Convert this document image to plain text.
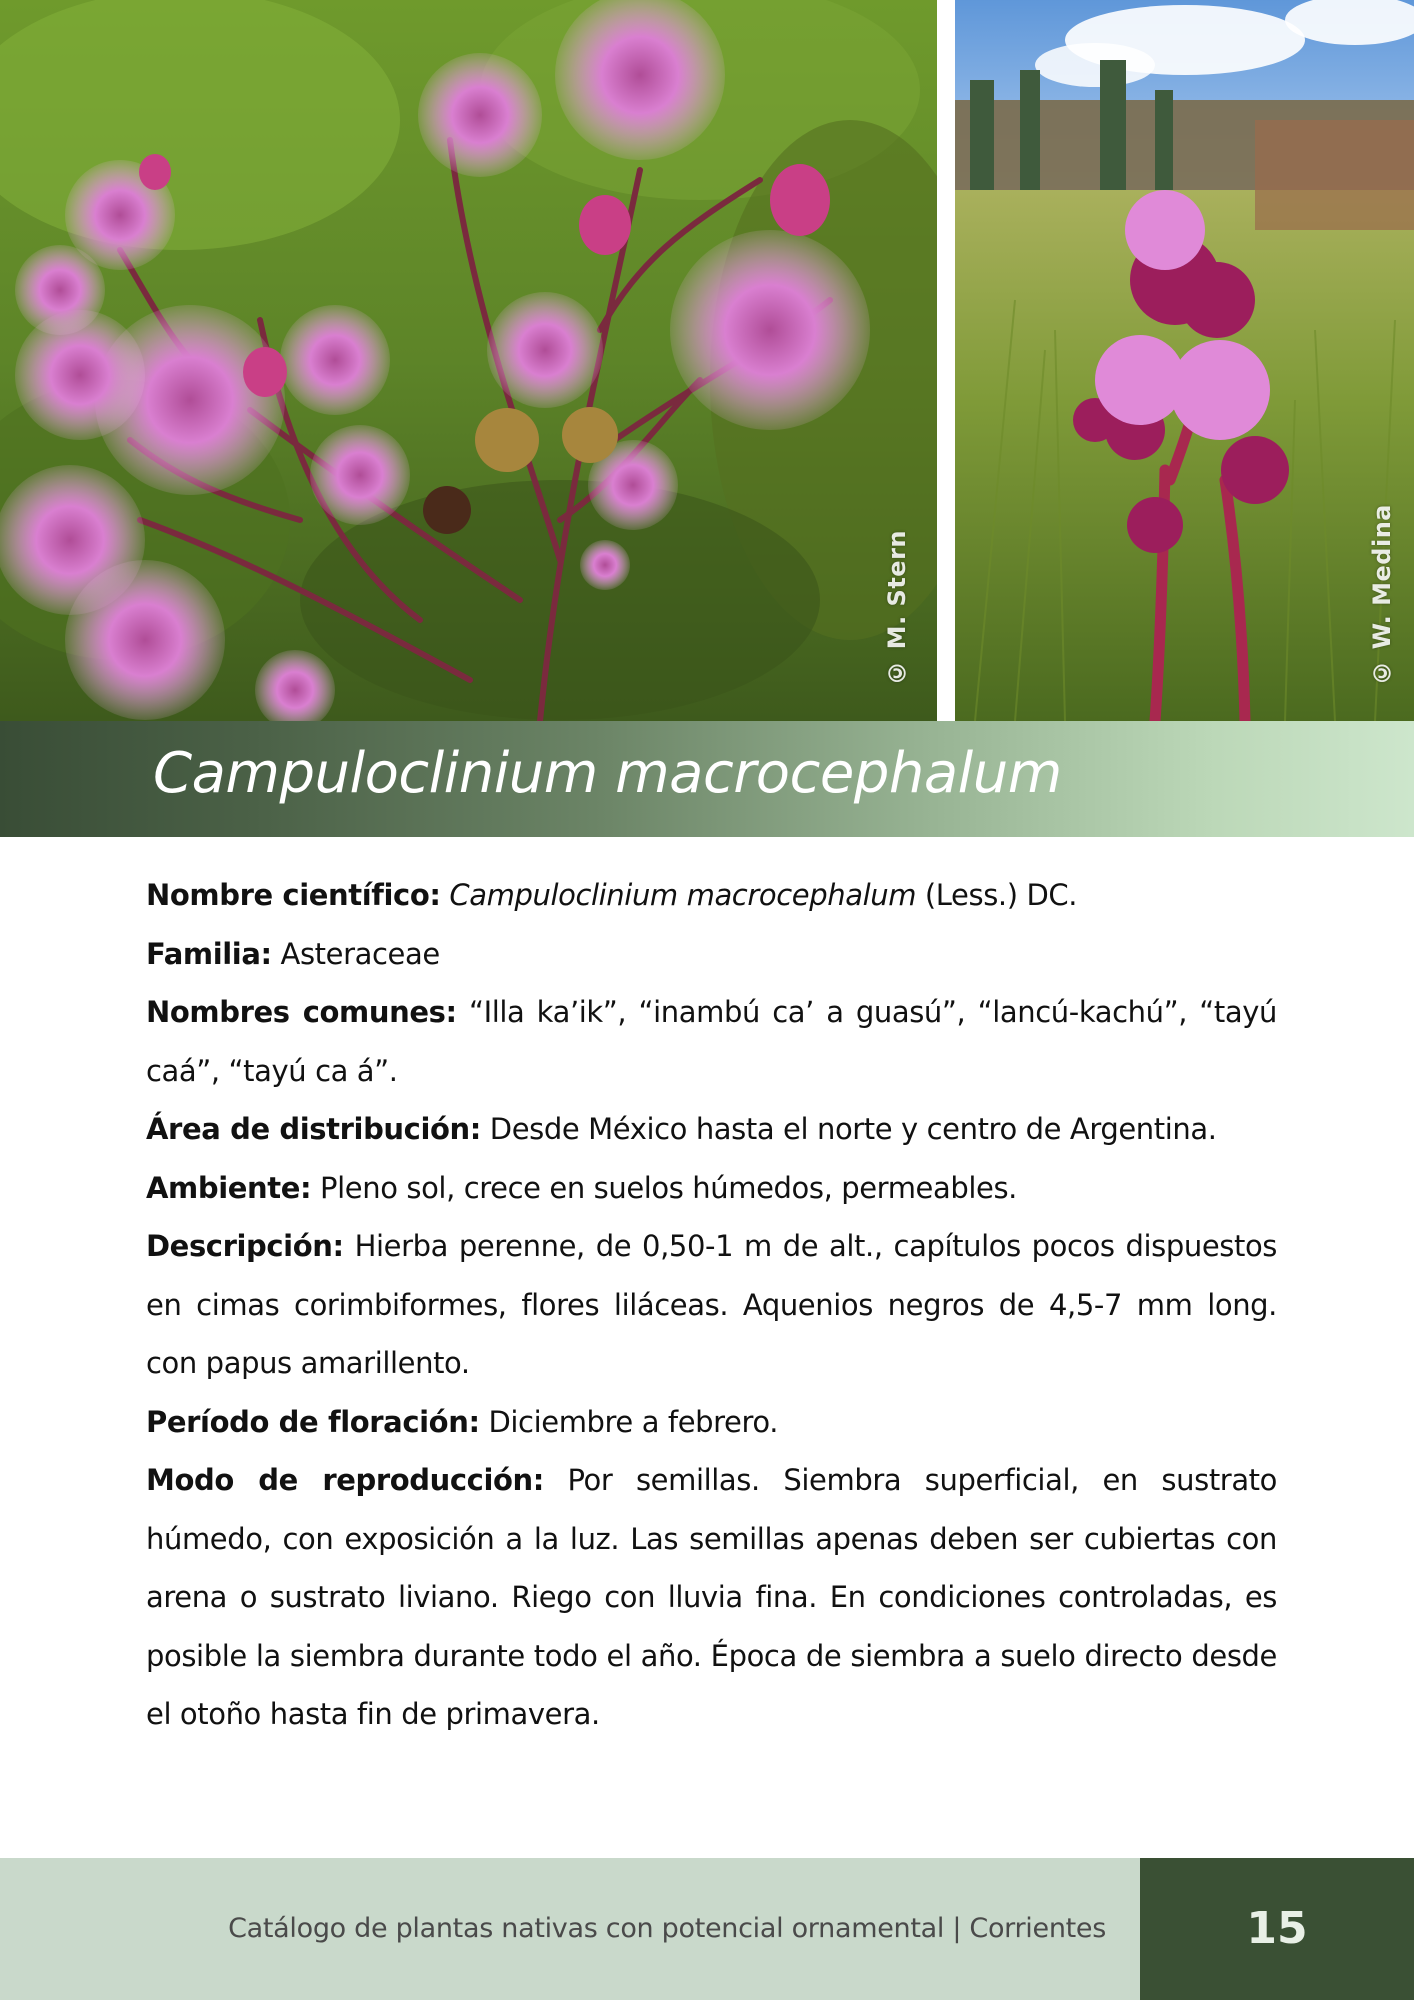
© M. Stern	© W. Medina
Campuloclinium macrocephalum

Nombre científico: Campuloclinium macrocephalum (Less.) DC.

Familia: Asteraceae

Nombres comunes: “Illa ka’ik”, “inambú ca’ a guasú”, “lancú-kachú”, “tayú caá”, “tayú ca á”.

Área de distribución: Desde México hasta el norte y centro de Argentina.

Ambiente: Pleno sol, crece en suelos húmedos, permeables.

Descripción: Hierba perenne, de 0,50-1 m de alt., capítulos pocos dispuestos en cimas corimbiformes, flores liláceas. Aquenios negros de 4,5-7 mm long. con papus amarillento.

Período de floración: Diciembre a febrero.

Modo de reproducción: Por semillas. Siembra superficial, en sustrato húmedo, con exposición a la luz. Las semillas apenas deben ser cubiertas con arena o sustrato liviano. Riego con lluvia fina. En condiciones controladas, es posible la siembra durante todo el año. Época de siembra a suelo directo desde el otoño hasta fin de primavera.

Catálogo de plantas nativas con potencial ornamental | Corrientes	15
